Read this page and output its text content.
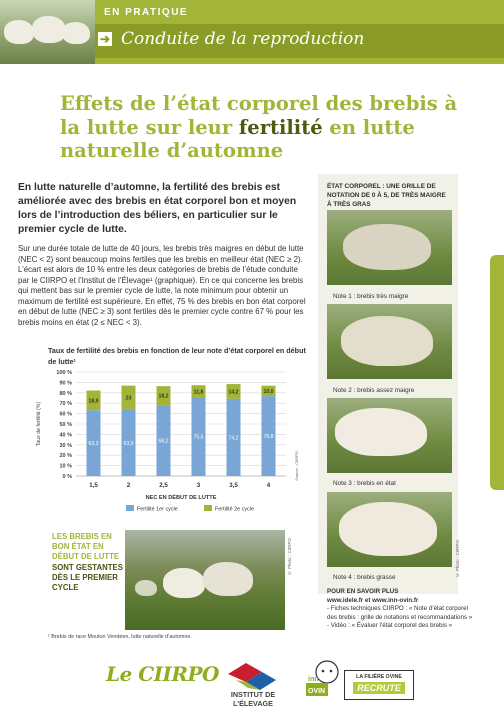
EN PRATIQUE
➔ Conduite de la reproduction
Effets de l’état corporel des brebis à la lutte sur leur fertilité en lutte naturelle d’automne

En lutte naturelle d’automne, la fertilité des brebis est améliorée avec des brebis en état corporel bon et moyen lors de l’introduction des béliers, en particulier sur le premier cycle de lutte.

Sur une durée totale de lutte de 40 jours, les brebis très maigres en début de lutte (NEC < 2) sont beaucoup moins fertiles que les brebis en meilleur état (NEC ≥ 2). L’écart est alors de 10 % entre les deux catégories de brebis de l’étude conduite par le CIIRPO et l’Institut de l’Élevage¹ (graphique). En ce qui concerne les brebis qui mettent bas sur le premier cycle de lutte, la note minimum pour obtenir un maximum de fertilité est supérieure. En effet, 75 % des brebis en bon état corporel en début de lutte (NEC ≥ 3) sont fertiles dès le premier cycle contre 67 % pour les brebis moins en état (2 ≤ NEC < 3).

Taux de fertilité des brebis en fonction de leur note d’état corporel en début de lutte¹
0 %
10 %
20 %
30 %
40 %
50 %
60 %
70 %
80 %
90 %
100 %
Taux de fertilité (%)
Source : CIIRPO
63,3
18,9
1,5
63,9
23
2
68,2
18,2
2,5
75,5
11,8
3
74,2
14,2
3,5
76,8
10,0
4
NEC EN DÉBUT DE LUTTE
Fertilité 1er cycle	Fertilité 2e cycle
LES BREBIS EN BON ÉTAT EN DÉBUT DE LUTTE
SONT GESTANTES DÈS LE PREMIER CYCLE
© Photo : CIIRPO
¹ Brebis de race Mouton Vendéen, lutte naturelle d’automne.
ÉTAT CORPOREL : UNE GRILLE DE NOTATION DE 0 À 5, DE TRÈS MAIGRE À TRÈS GRAS
Note 1 : brebis très maigre
Note 2 : brebis assez maigre
Note 3 : brebis en état
Note 4 : brebis grasse
© Photo : CIIRPO
POUR EN SAVOIR PLUS
www.idele.fr et www.inn-ovin.fr
- Fiches techniques CIIRPO : « Note d’état corporel des brebis : grille de notations et recommandations »
- Vidéo : « Évaluer l’état corporel des brebis »
Le CIIRPO
INSTITUT DE
L’ÉLEVAGE
inn
OVIN
LA FILIÈRE OVINE
RECRUTE
